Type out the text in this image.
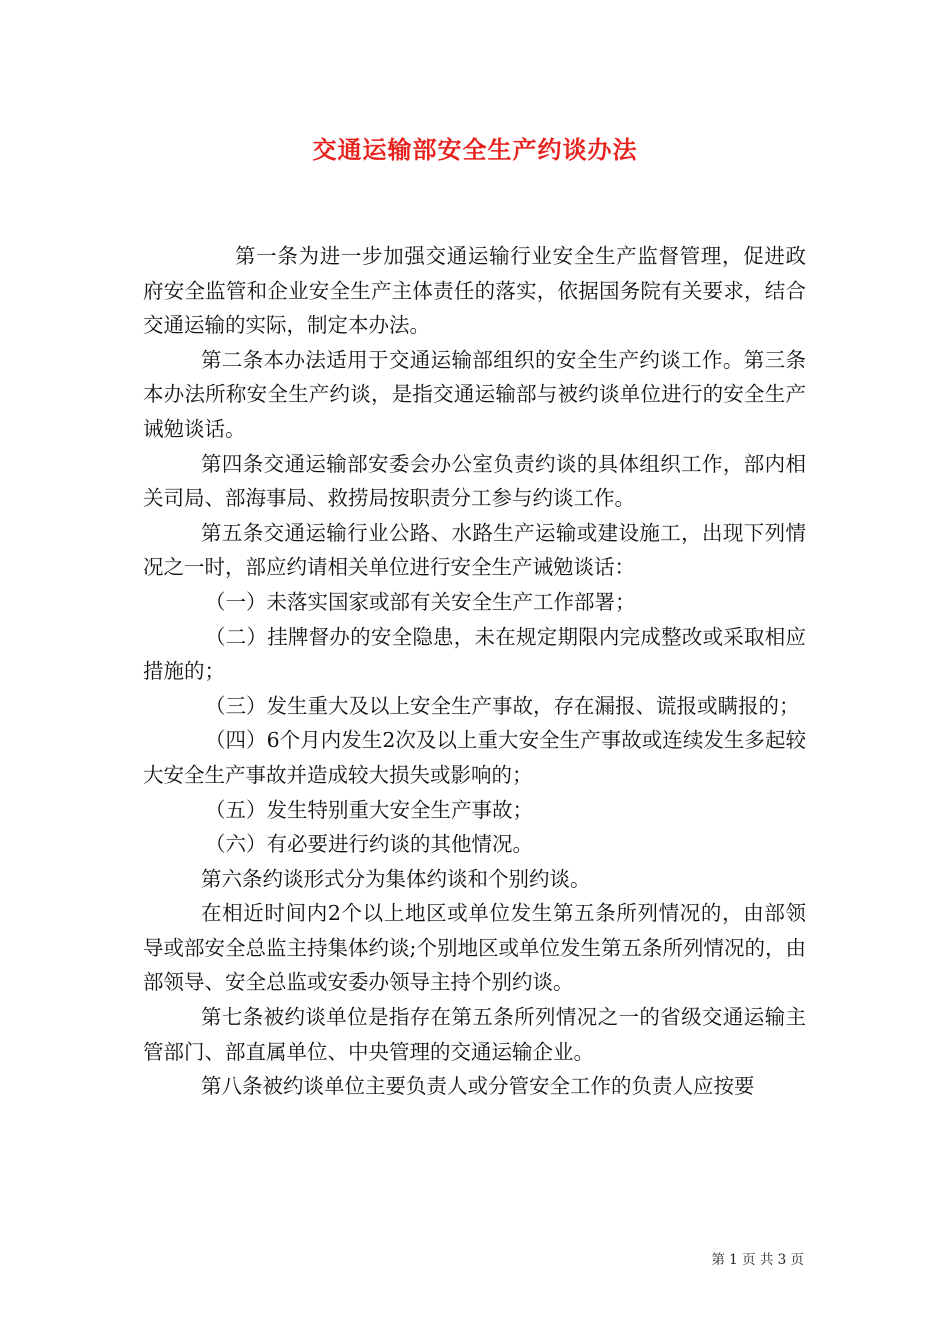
交通运输部安全生产约谈办法

第一条为进一步加强交通运输行业安全生产监督管理，促进政府安全监管和企业安全生产主体责任的落实，依据国务院有关要求，结合交通运输的实际，制定本办法。

第二条本办法适用于交通运输部组织的安全生产约谈工作。第三条本办法所称安全生产约谈，是指交通运输部与被约谈单位进行的安全生产诫勉谈话。

第四条交通运输部安委会办公室负责约谈的具体组织工作，部内相关司局、部海事局、救捞局按职责分工参与约谈工作。

第五条交通运输行业公路、水路生产运输或建设施工，出现下列情况之一时，部应约请相关单位进行安全生产诫勉谈话：

（一）未落实国家或部有关安全生产工作部署；

（二）挂牌督办的安全隐患，未在规定期限内完成整改或采取相应措施的；

（三）发生重大及以上安全生产事故，存在漏报、谎报或瞒报的；

（四）6个月内发生2次及以上重大安全生产事故或连续发生多起较大安全生产事故并造成较大损失或影响的；

（五）发生特别重大安全生产事故；

（六）有必要进行约谈的其他情况。

第六条约谈形式分为集体约谈和个别约谈。

在相近时间内2个以上地区或单位发生第五条所列情况的，由部领导或部安全总监主持集体约谈;个别地区或单位发生第五条所列情况的，由部领导、安全总监或安委办领导主持个别约谈。

第七条被约谈单位是指存在第五条所列情况之一的省级交通运输主管部门、部直属单位、中央管理的交通运输企业。

第八条被约谈单位主要负责人或分管安全工作的负责人应按要

第 1 页 共 3 页
